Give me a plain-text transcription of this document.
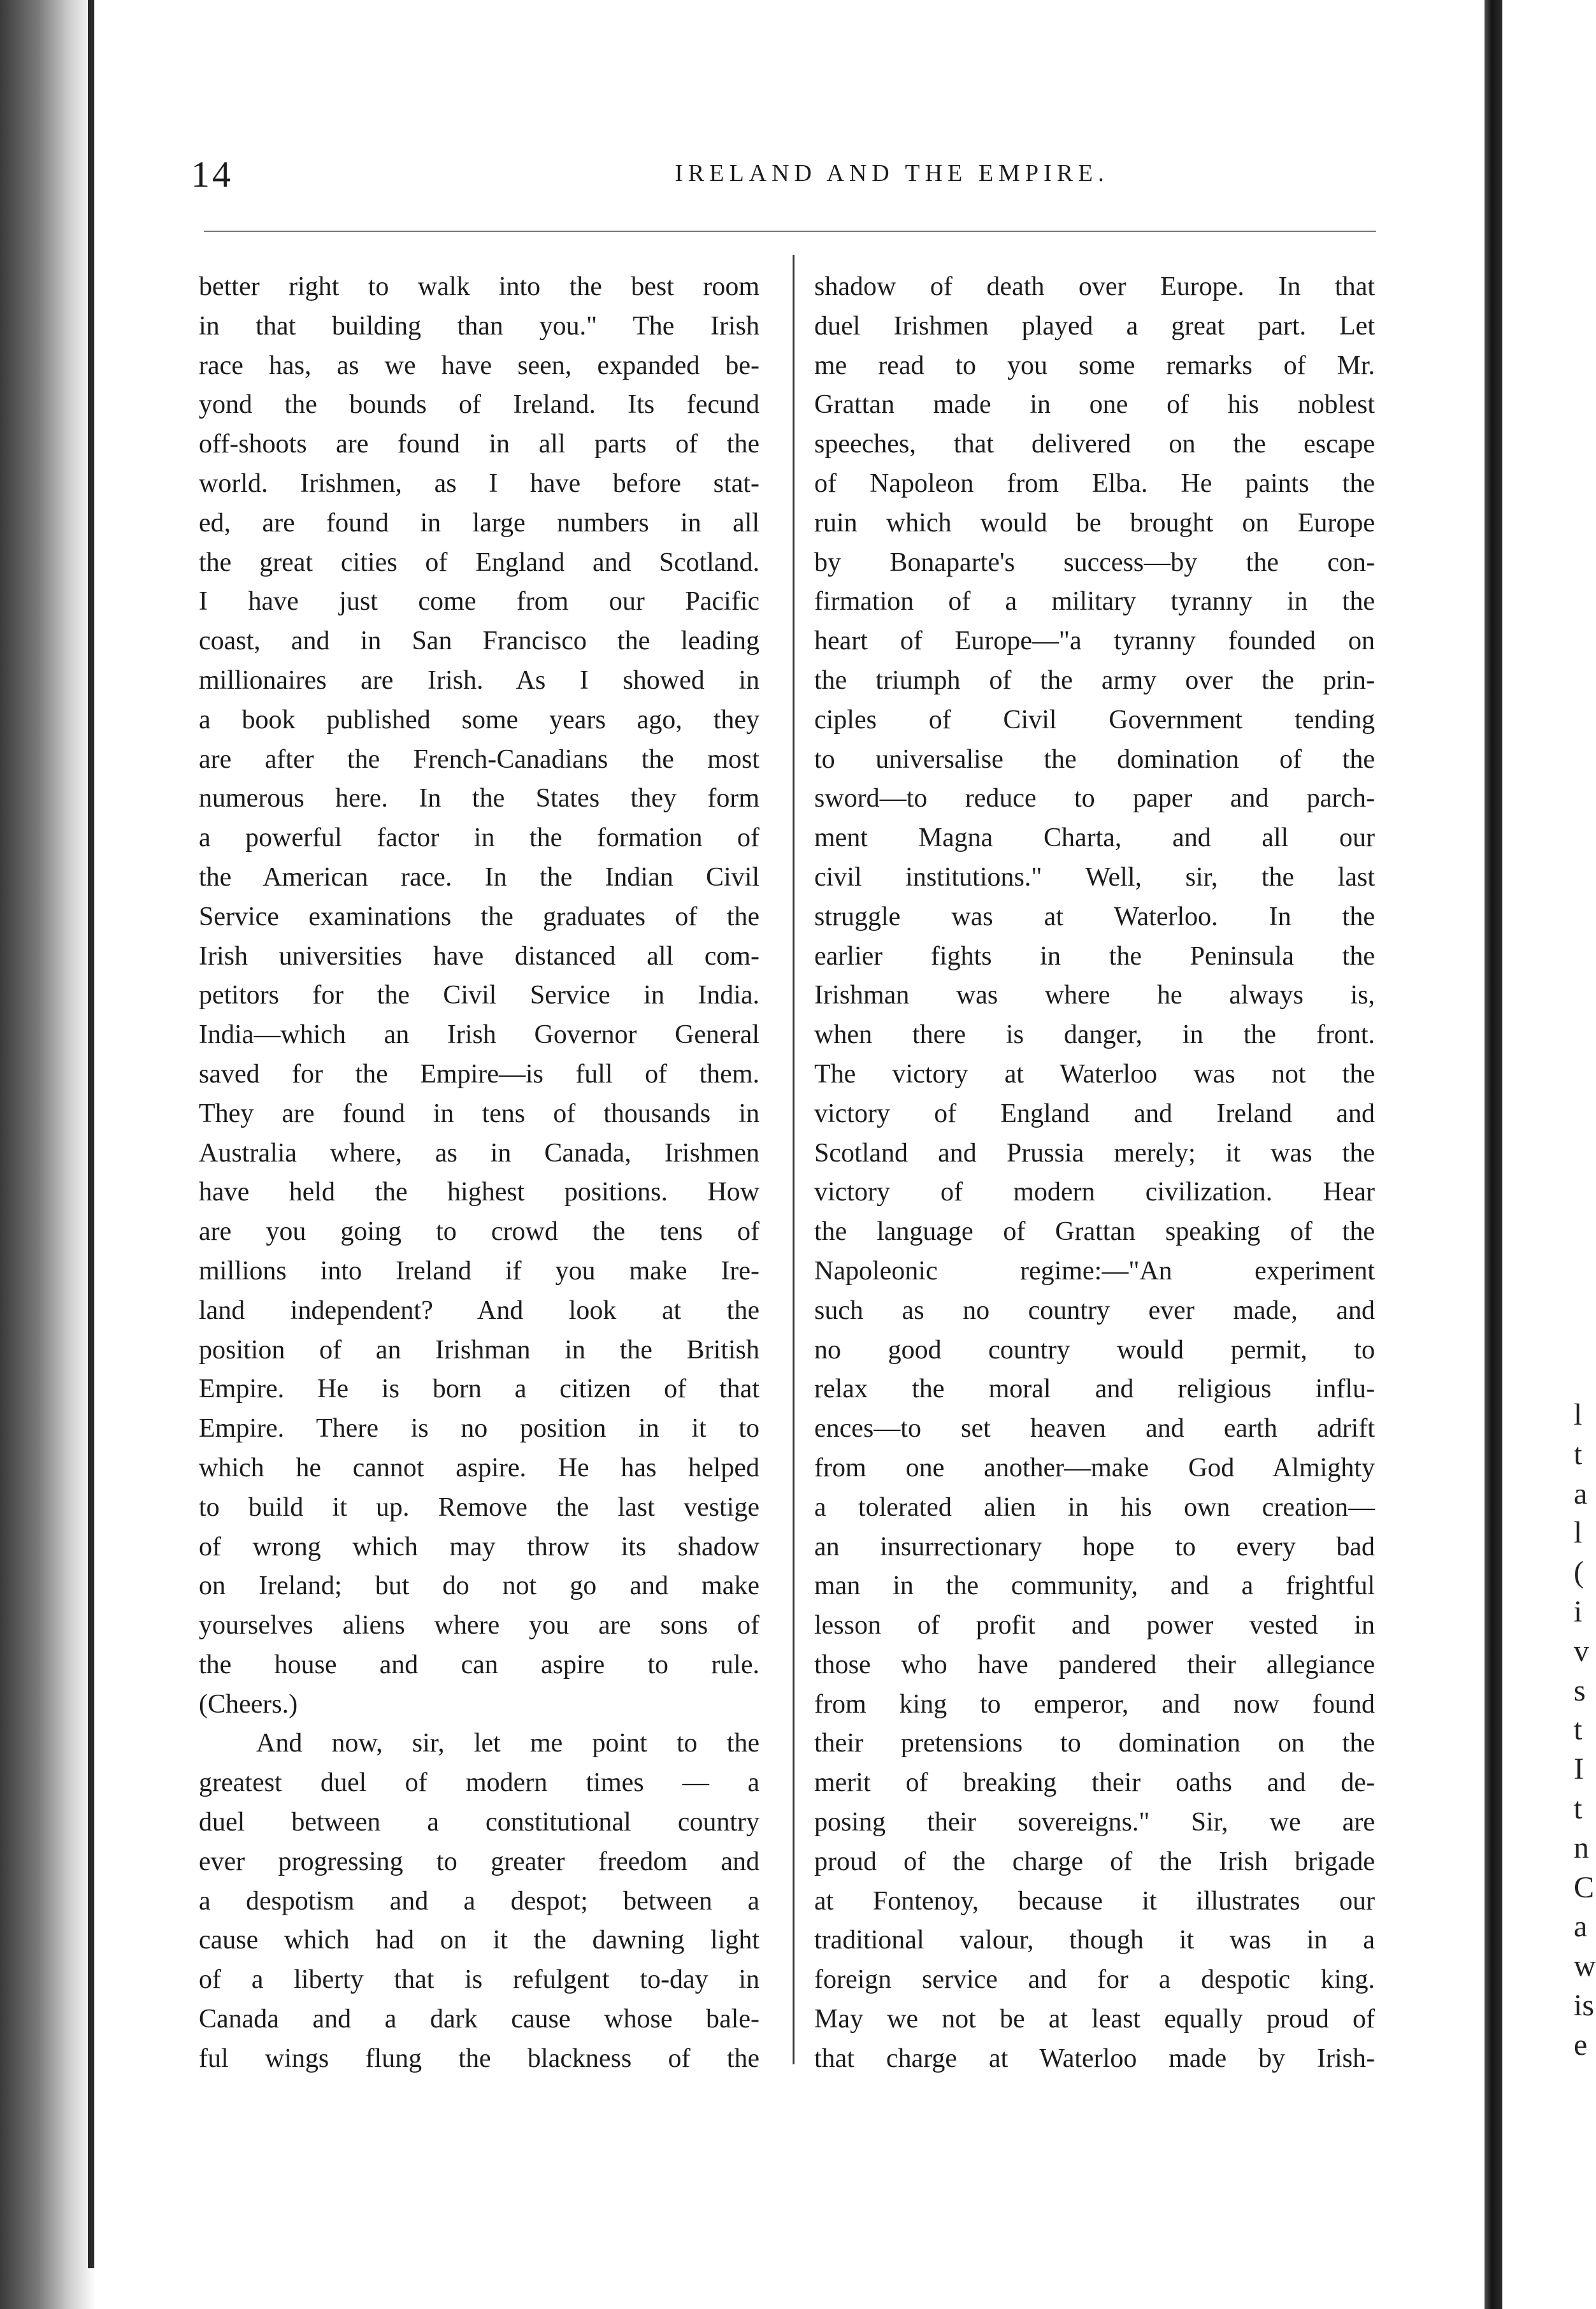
14	IRELAND AND THE EMPIRE.
better right to walk into the best room
in that building than you." The Irish
race has, as we have seen, expanded be-
yond the bounds of Ireland. Its fecund
off-shoots are found in all parts of the
world. Irishmen, as I have before stat-
ed, are found in large numbers in all
the great cities of England and Scotland.
I have just come from our Pacific
coast, and in San Francisco the leading
millionaires are Irish. As I showed in
a book published some years ago, they
are after the French-Canadians the most
numerous here. In the States they form
a powerful factor in the formation of
the American race. In the Indian Civil
Service examinations the graduates of the
Irish universities have distanced all com-
petitors for the Civil Service in India.
India—which an Irish Governor General
saved for the Empire—is full of them.
They are found in tens of thousands in
Australia where, as in Canada, Irishmen
have held the highest positions. How
are you going to crowd the tens of
millions into Ireland if you make Ire-
land independent? And look at the
position of an Irishman in the British
Empire. He is born a citizen of that
Empire. There is no position in it to
which he cannot aspire. He has helped
to build it up. Remove the last vestige
of wrong which may throw its shadow
on Ireland; but do not go and make
yourselves aliens where you are sons of
the house and can aspire to rule.
(Cheers.)
And now, sir, let me point to the
greatest duel of modern times — a
duel between a constitutional country
ever progressing to greater freedom and
a despotism and a despot; between a
cause which had on it the dawning light
of a liberty that is refulgent to-day in
Canada and a dark cause whose bale-
ful wings flung the blackness of the
shadow of death over Europe. In that
duel Irishmen played a great part. Let
me read to you some remarks of Mr.
Grattan made in one of his noblest
speeches, that delivered on the escape
of Napoleon from Elba. He paints the
ruin which would be brought on Europe
by Bonaparte's success—by the con-
firmation of a military tyranny in the
heart of Europe—"a tyranny founded on
the triumph of the army over the prin-
ciples of Civil Government tending
to universalise the domination of the
sword—to reduce to paper and parch-
ment Magna Charta, and all our
civil institutions." Well, sir, the last
struggle was at Waterloo. In the
earlier fights in the Peninsula the
Irishman was where he always is,
when there is danger, in the front.
The victory at Waterloo was not the
victory of England and Ireland and
Scotland and Prussia merely; it was the
victory of modern civilization. Hear
the language of Grattan speaking of the
Napoleonic regime:—"An experiment
such as no country ever made, and
no good country would permit, to
relax the moral and religious influ-
ences—to set heaven and earth adrift
from one another—make God Almighty
a tolerated alien in his own creation—
an insurrectionary hope to every bad
man in the community, and a frightful
lesson of profit and power vested in
those who have pandered their allegiance
from king to emperor, and now found
their pretensions to domination on the
merit of breaking their oaths and de-
posing their sovereigns." Sir, we are
proud of the charge of the Irish brigade
at Fontenoy, because it illustrates our
traditional valour, though it was in a
foreign service and for a despotic king.
May we not be at least equally proud of
that charge at Waterloo made by Irish-
l
t
a
l
(
i
v
s
t
I
t
n
C
a
w
is
e
